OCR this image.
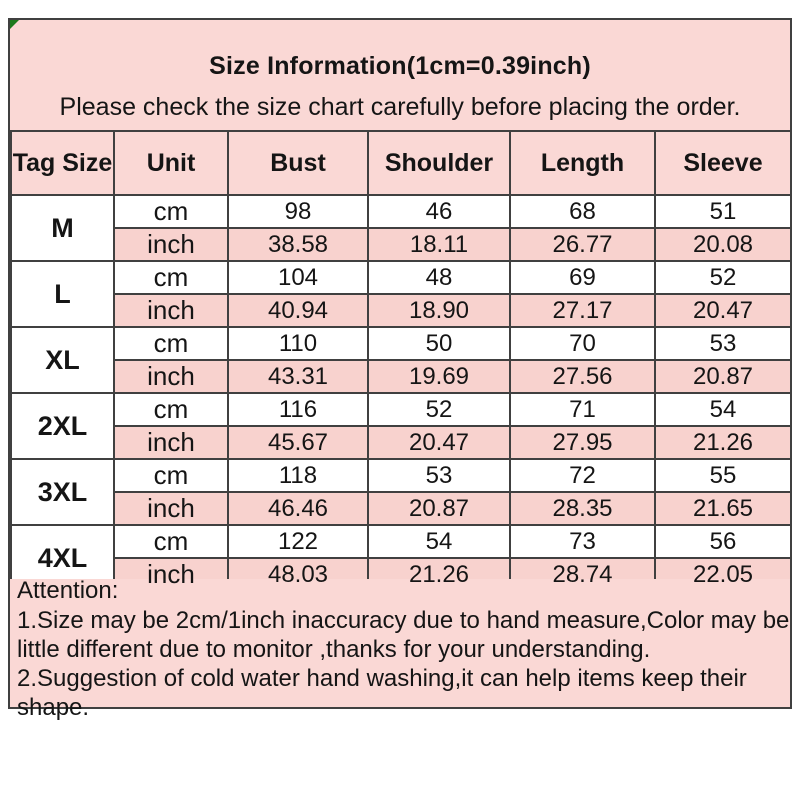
Size Information(1cm=0.39inch)
Please check the size chart carefully before placing the order.
Tag Size	Unit	Bust	Shoulder	Length	Sleeve
M	cm	98	46	68	51
	inch	38.58	18.11	26.77	20.08
L	cm	104	48	69	52
	inch	40.94	18.90	27.17	20.47
XL	cm	110	50	70	53
	inch	43.31	19.69	27.56	20.87
2XL	cm	116	52	71	54
	inch	45.67	20.47	27.95	21.26
3XL	cm	118	53	72	55
	inch	46.46	20.87	28.35	21.65
4XL	cm	122	54	73	56
	inch	48.03	21.26	28.74	22.05
Attention:
1.Size may be 2cm/1inch inaccuracy due to hand measure,Color may be
little different due to monitor ,thanks for your understanding.
2.Suggestion of cold water hand washing,it can help items keep their
shape.
